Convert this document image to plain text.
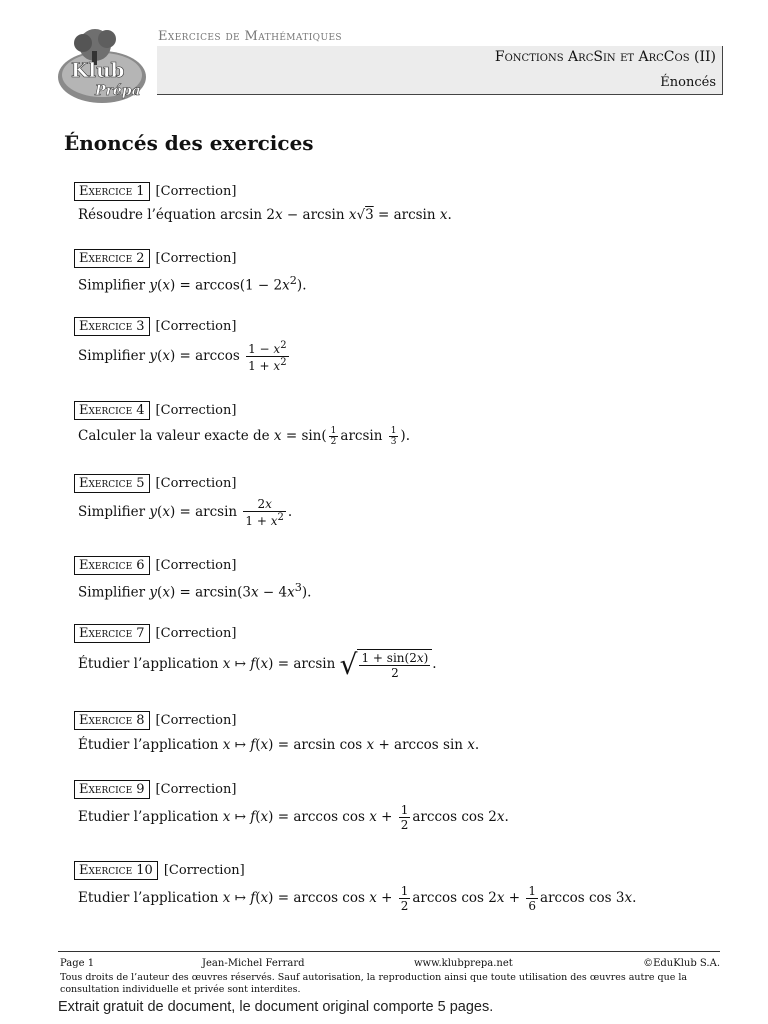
Klub
Prépa
Exercices de Mathématiques
Fonctions ArcSin et ArcCos (II)
Énoncés
Énoncés des exercices
Exercice 1 [Correction]
Résoudre l’équation arcsin 2x − arcsin x√3 = arcsin x.
Exercice 2 [Correction]
Simplifier $y(x) = \arccos(1 - 2x^2)$.
Exercice 3 [Correction]
Simplifier $y(x) = \arccos \frac{1 - x^2}{1 + x^2}$
Exercice 4 [Correction]
Calculer la valeur exacte de $x = \sin( \frac{1}{2}$ $\arcsin \frac{1}{3}$ ).
Exercice 5 [Correction]
Simplifier $y(x) = \arcsin \frac{2x}{1 + x^2}$ .
Exercice 6 [Correction]
Simplifier $y(x) = \arcsin(3x - 4x^3)$.
Exercice 7 [Correction]
Étudier l’application x ↦ f(x) = arcsin √ $\frac{1 + \sin(2x)}{2}$ .
Exercice 8 [Correction]
Étudier l’application x ↦ f(x) = arcsin cos x + arccos sin x.
Exercice 9 [Correction]
Etudier l’application x ↦ $f(x) = \arccos \cos x + \frac{1}{2}$ arccos cos 2x.
Exercice 10 [Correction]
Etudier l’application x ↦ $f(x) = \arccos \cos x + \frac{1}{2}$ $\arccos \cos 2x + \frac{1}{6}$ arccos cos 3x.
Page 1	Jean-Michel Ferrard	www.klubprepa.net	©EduKlub S.A.
Tous droits de l’auteur des œuvres réservés. Sauf autorisation, la reproduction ainsi que toute utilisation des œuvres autre que la consultation individuelle et privée sont interdites.
Extrait gratuit de document, le document original comporte 5 pages.
